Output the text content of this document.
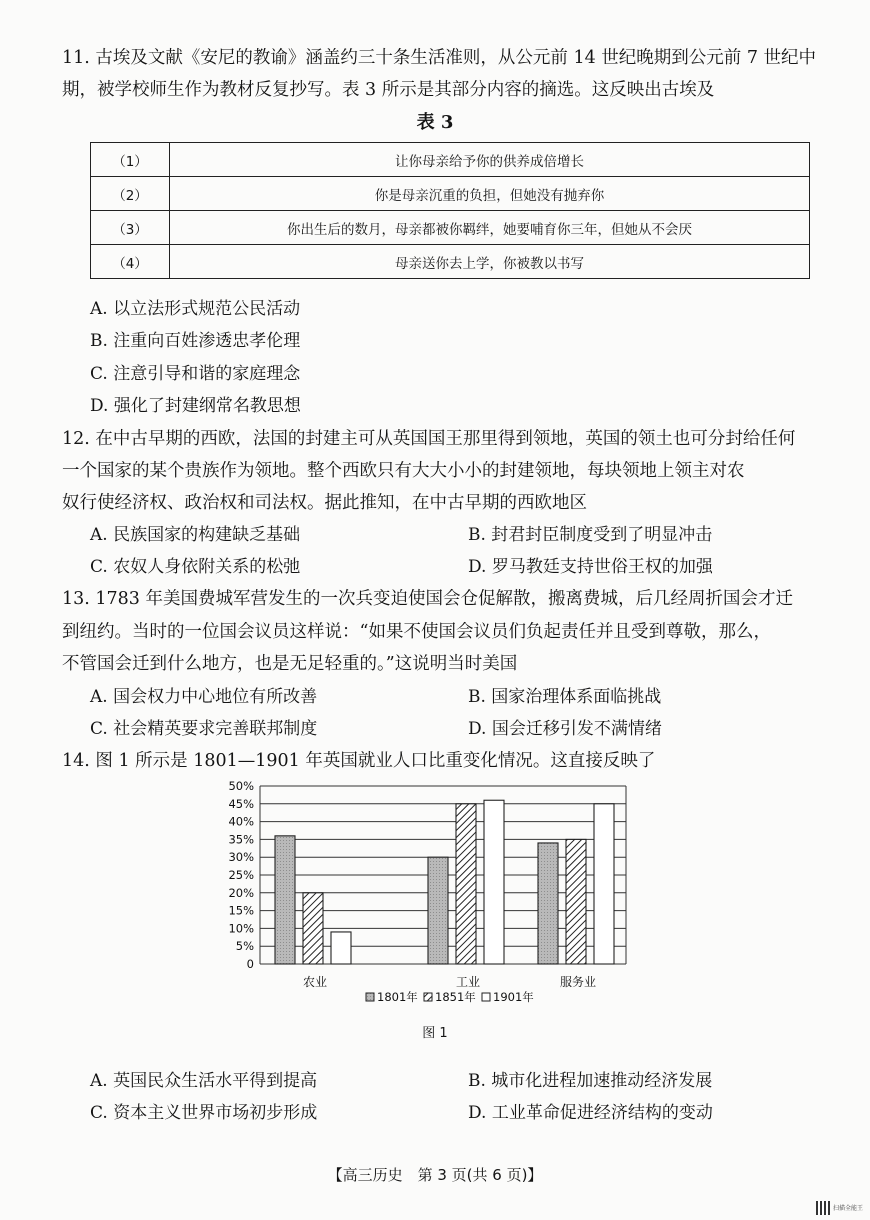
11. 古埃及文献《安尼的教谕》涵盖约三十条生活准则，从公元前 14 世纪晚期到公元前 7 世纪中
期，被学校师生作为教材反复抄写。表 3 所示是其部分内容的摘选。这反映出古埃及
表 3
（1）	让你母亲给予你的供养成倍增长
（2）	你是母亲沉重的负担，但她没有抛弃你
（3）	你出生后的数月，母亲都被你羁绊，她要哺育你三年，但她从不会厌
（4）	母亲送你去上学，你被教以书写
A. 以立法形式规范公民活动
B. 注重向百姓渗透忠孝伦理
C. 注意引导和谐的家庭理念
D. 强化了封建纲常名教思想
12. 在中古早期的西欧，法国的封建主可从英国国王那里得到领地，英国的领土也可分封给任何
一个国家的某个贵族作为领地。整个西欧只有大大小小的封建领地，每块领地上领主对农
奴行使经济权、政治权和司法权。据此推知，在中古早期的西欧地区
A. 民族国家的构建缺乏基础	B. 封君封臣制度受到了明显冲击
C. 农奴人身依附关系的松弛	D. 罗马教廷支持世俗王权的加强
13. 1783 年美国费城军营发生的一次兵变迫使国会仓促解散，搬离费城，后几经周折国会才迁
到纽约。当时的一位国会议员这样说：“如果不使国会议员们负起责任并且受到尊敬，那么，
不管国会迁到什么地方，也是无足轻重的。”这说明当时美国
A. 国会权力中心地位有所改善	B. 国家治理体系面临挑战
C. 社会精英要求完善联邦制度	D. 国会迁移引发不满情绪
14. 图 1 所示是 1801—1901 年英国就业人口比重变化情况。这直接反映了
0
5%
10%
15%
20%
25%
30%
35%
40%
45%
50%
农业	工业	服务业
1801年 1851年 1901年
图 1
A. 英国民众生活水平得到提高	B. 城市化进程加速推动经济发展
C. 资本主义世界市场初步形成	D. 工业革命促进经济结构的变动
【高三历史　第 3 页(共 6 页)】
扫描全能王
